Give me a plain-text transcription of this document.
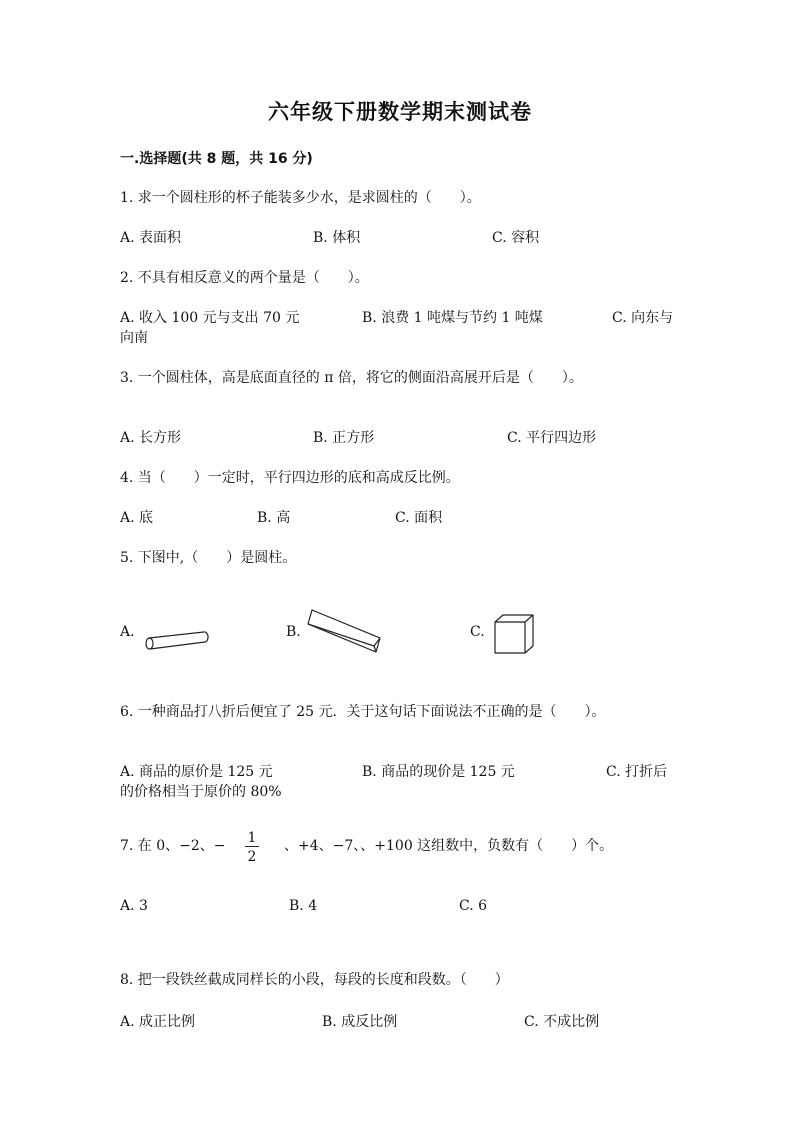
六年级下册数学期末测试卷
一.选择题(共 8 题，共 16 分)
1. 求一个圆柱形的杯子能装多少水，是求圆柱的（　　）。
A. 表面积	B. 体积	C. 容积
2. 不具有相反意义的两个量是（　　）。
A. 收入 100 元与支出 70 元	B. 浪费 1 吨煤与节约 1 吨煤	C. 向东与
向南
3. 一个圆柱体，高是底面直径的 π 倍，将它的侧面沿高展开后是（　　）。
A. 长方形	B. 正方形	C. 平行四边形
4. 当（　　）一定时，平行四边形的底和高成反比例。
A. 底	B. 高	C. 面积
5. 下图中,（　　）是圆柱。
A.	B.	C.
6. 一种商品打八折后便宜了 25 元．关于这句话下面说法不正确的是（　　）。
A. 商品的原价是 125 元	B. 商品的现价是 125 元	C. 打折后
的价格相当于原价的 80%
7. 在 0、−2、− 1
2
、+4、−7、、+100 这组数中，负数有（　　）个。
A. 3	B. 4	C. 6
8. 把一段铁丝截成同样长的小段，每段的长度和段数。（　　）
A. 成正比例	B. 成反比例	C. 不成比例
